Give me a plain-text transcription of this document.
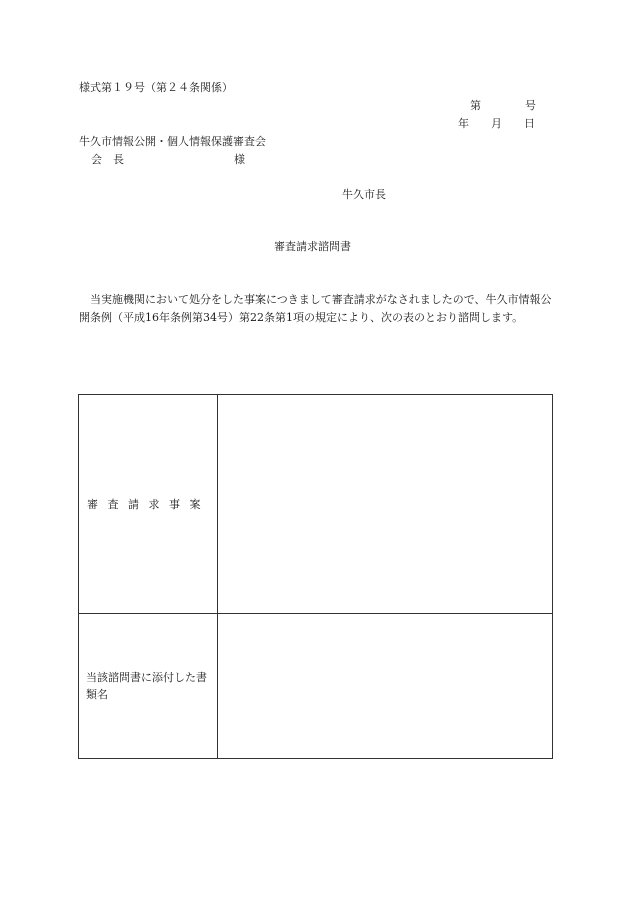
様式第１９号（第２４条関係）
第　　　　号
年　　月　　日
牛久市情報公開・個人情報保護審査会
会　長　　　　　　　　　　様
牛久市長
審査請求諮問書
当実施機関において処分をした事案につきまして審査請求がなされましたので、牛久市情報公開条例（平成16年条例第34号）第22条第1項の規定により、次の表のとおり諮問します。
審査請求事案	
当該諮問書に添付した書類名	
